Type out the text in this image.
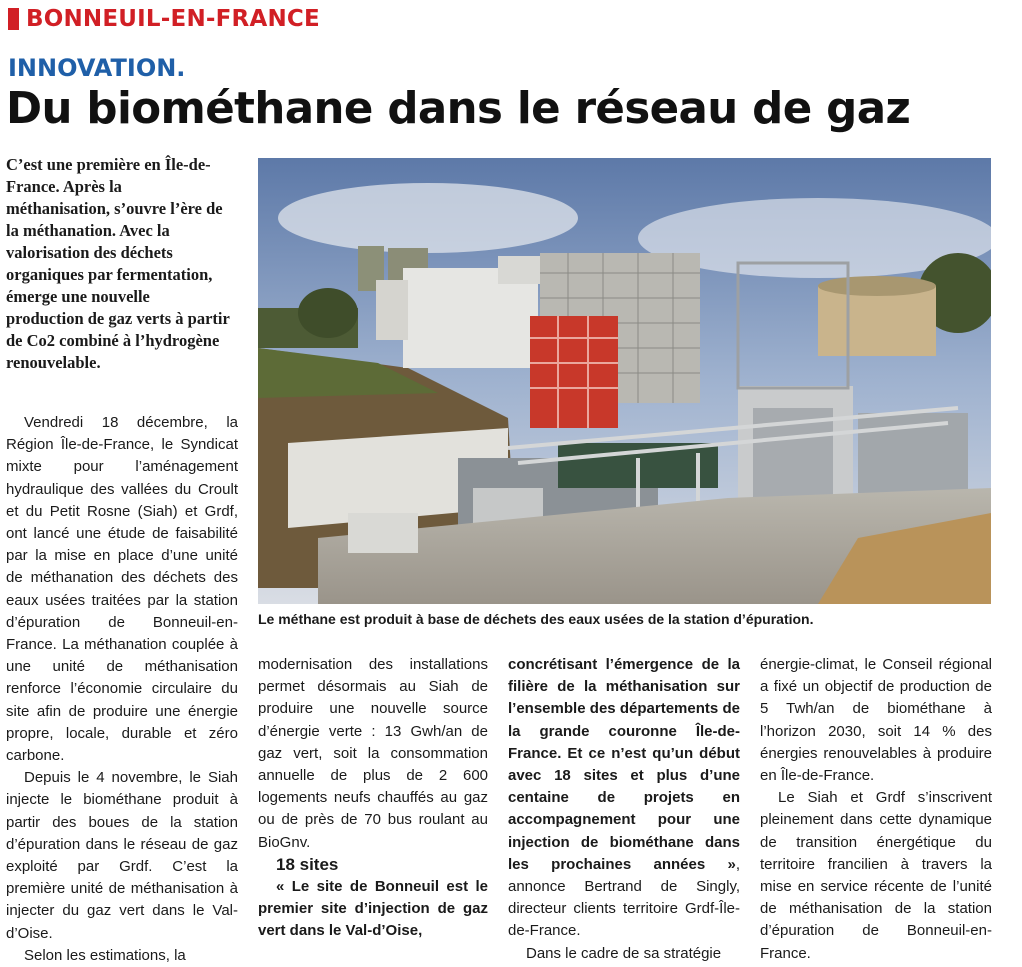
BONNEUIL-EN-FRANCE
INNOVATION.
Du biométhane dans le réseau de gaz
C’est une première en Île-de-France. Après la méthanisation, s’ouvre l’ère de la méthanation. Avec la valorisation des déchets organiques par fermentation, émerge une nouvelle production de gaz verts à partir de Co2 combiné à l’hydrogène renouvelable.
Le méthane est produit à base de déchets des eaux usées de la station d’épuration.

Vendredi 18 décembre, la Région Île-de-France, le Syndicat mixte pour l’aménagement hydraulique des vallées du Croult et du Petit Rosne (Siah) et Grdf, ont lancé une étude de faisabilité par la mise en place d’une unité de méthanation des déchets des eaux usées traitées par la station d’épuration de Bonneuil-en-France. La méthanation couplée à une unité de méthanisation renforce l’économie circulaire du site afin de produire une énergie propre, locale, durable et zéro carbone.

Depuis le 4 novembre, le Siah injecte le biométhane produit à partir des boues de la station d’épuration dans le réseau de gaz exploité par Grdf. C’est la première unité de méthanisation à injecter du gaz vert dans le Val-d’Oise.

Selon les estimations, la

modernisation des installations permet désormais au Siah de produire une nouvelle source d’énergie verte : 13 Gwh/an de gaz vert, soit la consommation annuelle de plus de 2 600 logements neufs chauffés au gaz ou de près de 70 bus roulant au BioGnv.

18 sites

« Le site de Bonneuil est le premier site d’injection de gaz vert dans le Val-d’Oise,

concrétisant l’émergence de la filière de la méthanisation sur l’ensemble des départements de la grande couronne Île-de-France. Et ce n’est qu’un début avec 18 sites et plus d’une centaine de projets en accompagnement pour une injection de biométhane dans les prochaines années », annonce Bertrand de Singly, directeur clients territoire Grdf-Île-de-France.

Dans le cadre de sa stratégie

énergie-climat, le Conseil régional a fixé un objectif de production de 5 Twh/an de biométhane à l’horizon 2030, soit 14 % des énergies renouvelables à produire en Île-de-France.

Le Siah et Grdf s’inscrivent pleinement dans cette dynamique de transition énergétique du territoire francilien à travers la mise en service récente de l’unité de méthanisation de la station d’épuration de Bonneuil-en-France.
